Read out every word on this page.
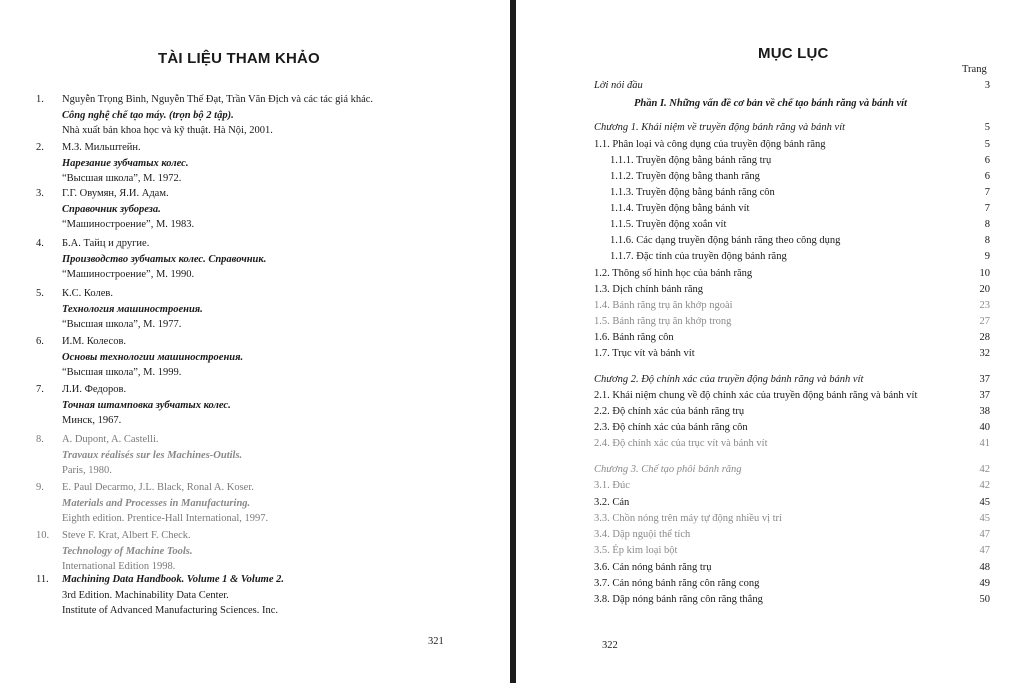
TÀI LIỆU THAM KHẢO
1.	Nguyễn Trọng Bình, Nguyễn Thế Đạt, Trần Văn Địch và các tác giả khác.
Công nghệ chế tạo máy. (trọn bộ 2 tập).
Nhà xuất bản khoa học và kỹ thuật. Hà Nội, 2001.
2.	М.З. Мильштейн.
Нарезание зубчатых колес.
“Высшая школа”, М. 1972.
3.	Г.Г. Овумян, Я.И. Адам.
Справочник зубореза.
“Машиностроение”, М. 1983.
4.	Б.А. Тайц и другие.
Производство зубчатых колес. Справочник.
“Машиностроение”, М. 1990.
5.	К.С. Колев.
Технология машиностроения.
“Высшая школа”, М. 1977.
6.	И.М. Колесов.
Основы технологии машиностроения.
“Высшая школа”, М. 1999.
7.	Л.И. Федоров.
Точная штамповка зубчатых колес.
Минск, 1967.
8.	A. Dupont, A. Castelli.
Travaux réalisés sur les Machines-Outils.
Paris, 1980.
9.	E. Paul Decarmo, J.L. Black, Ronal A. Koser.
Materials and Processes in Manufacturing.
Eighth edition. Prentice-Hall International, 1997.
10.	Steve F. Krat, Albert F. Check.
Technology of Machine Tools.
International Edition 1998.
11.	Machining Data Handbook. Volume 1 & Volume 2.
3rd Edition. Machinability Data Center.
Institute of Advanced Manufacturing Sciences. Inc.
321
MỤC LỤC
Trang
Lời nói đầu	3
Phần I. Những vấn đề cơ bản về chế tạo bánh răng và bánh vít
Chương 1. Khái niệm về truyền động bánh răng và bánh vít	5
1.1. Phân loại và công dụng của truyền động bánh răng	5
1.1.1. Truyền động bằng bánh răng trụ	6
1.1.2. Truyền động bằng thanh răng	6
1.1.3. Truyền động bằng bánh răng côn	7
1.1.4. Truyền động bằng bánh vít	7
1.1.5. Truyền động xoắn vít	8
1.1.6. Các dạng truyền động bánh răng theo công dụng	8
1.1.7. Đặc tính của truyền động bánh răng	9
1.2. Thông số hình học của bánh răng	10
1.3. Dịch chỉnh bánh răng	20
1.4. Bánh răng trụ ăn khớp ngoài	23
1.5. Bánh răng trụ ăn khớp trong	27
1.6. Bánh răng côn	28
1.7. Trục vít và bánh vít	32
Chương 2. Độ chính xác của truyền động bánh răng và bánh vít	37
2.1. Khái niệm chung về độ chính xác của truyền động bánh răng và bánh vít	37
2.2. Độ chính xác của bánh răng trụ	38
2.3. Độ chính xác của bánh răng côn	40
2.4. Độ chính xác của trục vít và bánh vít	41
Chương 3. Chế tạo phôi bánh răng	42
3.1. Đúc	42
3.2. Cán	45
3.3. Chồn nóng trên máy tự động nhiều vị trí	45
3.4. Dập nguội thể tích	47
3.5. Ép kim loại bột	47
3.6. Cán nóng bánh răng trụ	48
3.7. Cán nóng bánh răng côn răng cong	49
3.8. Dập nóng bánh răng côn răng thẳng	50
322
